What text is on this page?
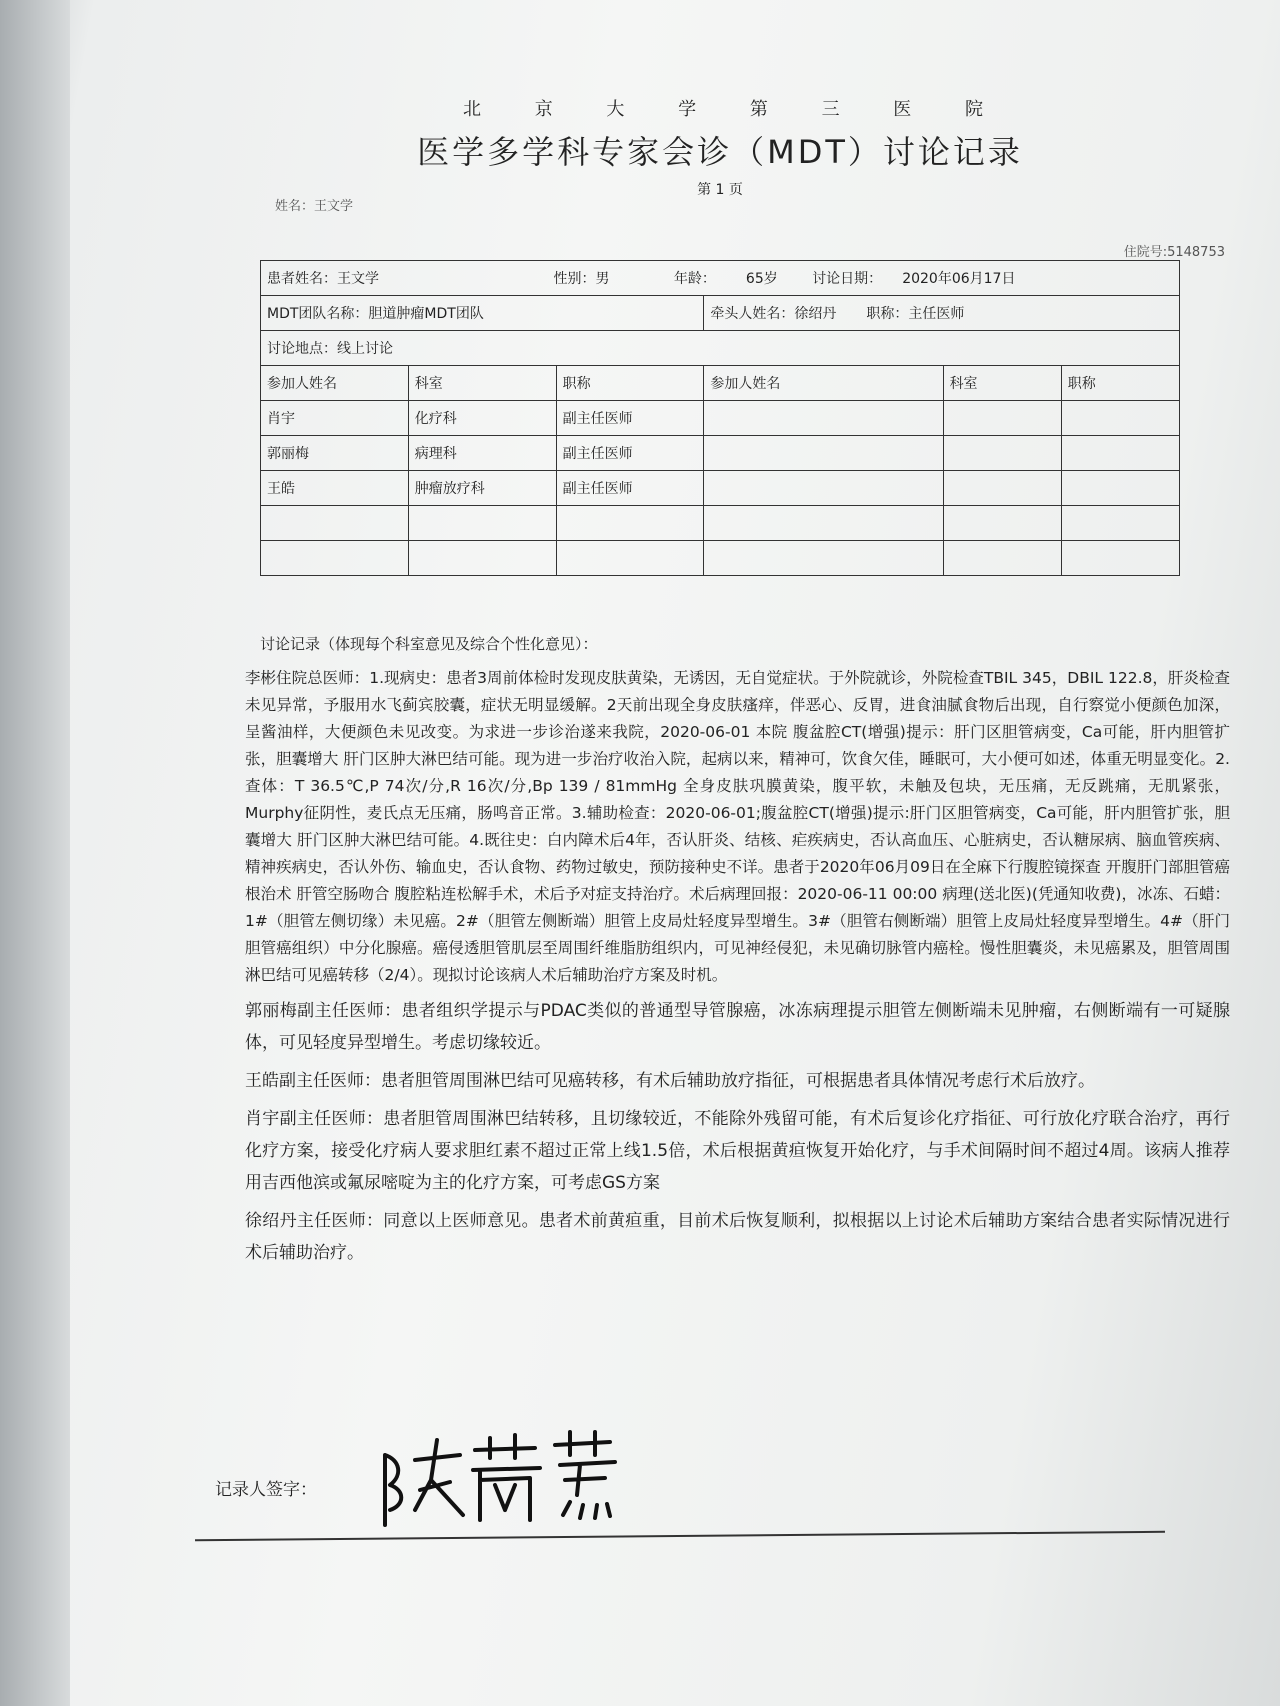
北 京 大 学 第 三 医 院
医学多学科专家会诊（MDT）讨论记录
第 1 页
姓名：王文学
住院号:5148753
患者姓名：王文学 性别：男 年龄： 65岁 讨论日期： 2020年06月17日					
MDT团队名称：胆道肿瘤MDT团队			牵头人姓名：徐绍丹 职称：主任医师		
讨论地点：线上讨论					
参加人姓名	科室	职称	参加人姓名	科室	职称
肖宇	化疗科	副主任医师			
郭丽梅	病理科	副主任医师			
王皓	肿瘤放疗科	副主任医师			

讨论记录（体现每个科室意见及综合个性化意见）：

李彬住院总医师：1.现病史：患者3周前体检时发现皮肤黄染，无诱因，无自觉症状。于外院就诊，外院检查TBIL 345，DBIL 122.8，肝炎检查未见异常，予服用水飞蓟宾胶囊，症状无明显缓解。2天前出现全身皮肤瘙痒，伴恶心、反胃，进食油腻食物后出现，自行察觉小便颜色加深，呈酱油样，大便颜色未见改变。为求进一步诊治遂来我院，2020-06-01 本院 腹盆腔CT(增强)提示：肝门区胆管病变，Ca可能，肝内胆管扩张，胆囊增大 肝门区肿大淋巴结可能。现为进一步治疗收治入院，起病以来，精神可，饮食欠佳，睡眠可，大小便可如述，体重无明显变化。2.查体：T 36.5℃,P 74次/分,R 16次/分,Bp 139 / 81mmHg 全身皮肤巩膜黄染，腹平软，未触及包块，无压痛，无反跳痛，无肌紧张，Murphy征阴性，麦氏点无压痛，肠鸣音正常。3.辅助检查：2020-06-01;腹盆腔CT(增强)提示:肝门区胆管病变，Ca可能，肝内胆管扩张，胆囊增大 肝门区肿大淋巴结可能。4.既往史：白内障术后4年，否认肝炎、结核、疟疾病史，否认高血压、心脏病史，否认糖尿病、脑血管疾病、精神疾病史，否认外伤、输血史，否认食物、药物过敏史，预防接种史不详。患者于2020年06月09日在全麻下行腹腔镜探查 开腹肝门部胆管癌根治术 肝管空肠吻合 腹腔粘连松解手术，术后予对症支持治疗。术后病理回报：2020-06-11 00:00 病理(送北医)(凭通知收费)，冰冻、石蜡：1#（胆管左侧切缘）未见癌。2#（胆管左侧断端）胆管上皮局灶轻度异型增生。3#（胆管右侧断端）胆管上皮局灶轻度异型增生。4#（肝门胆管癌组织）中分化腺癌。癌侵透胆管肌层至周围纤维脂肪组织内，可见神经侵犯，未见确切脉管内癌栓。慢性胆囊炎，未见癌累及，胆管周围淋巴结可见癌转移（2/4）。现拟讨论该病人术后辅助治疗方案及时机。

郭丽梅副主任医师：患者组织学提示与PDAC类似的普通型导管腺癌，冰冻病理提示胆管左侧断端未见肿瘤，右侧断端有一可疑腺体，可见轻度异型增生。考虑切缘较近。

王皓副主任医师：患者胆管周围淋巴结可见癌转移，有术后辅助放疗指征，可根据患者具体情况考虑行术后放疗。

肖宇副主任医师：患者胆管周围淋巴结转移，且切缘较近，不能除外残留可能，有术后复诊化疗指征、可行放化疗联合治疗，再行化疗方案，接受化疗病人要求胆红素不超过正常上线1.5倍，术后根据黄疸恢复开始化疗，与手术间隔时间不超过4周。该病人推荐用吉西他滨或氟尿嘧啶为主的化疗方案，可考虑GS方案

徐绍丹主任医师：同意以上医师意见。患者术前黄疸重，目前术后恢复顺利，拟根据以上讨论术后辅助方案结合患者实际情况进行术后辅助治疗。

记录人签字：
